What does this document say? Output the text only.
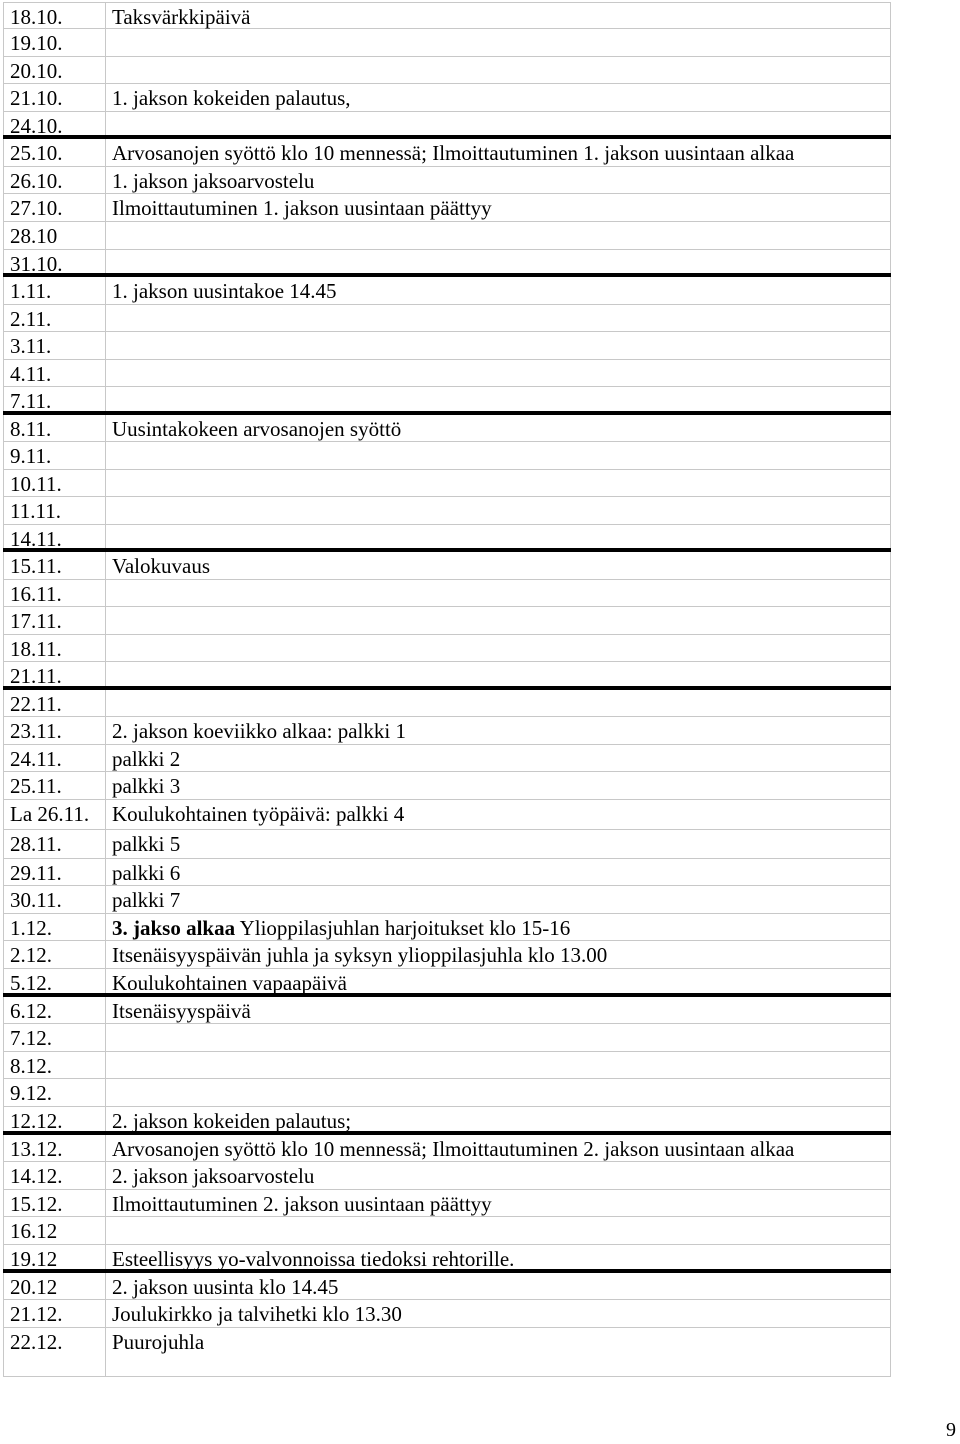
18.10.	Taksvärkkipäivä
19.10.
20.10.
21.10.	1. jakson kokeiden palautus,
24.10.
25.10.	Arvosanojen syöttö klo 10 mennessä; Ilmoittautuminen 1. jakson uusintaan alkaa
26.10.	1. jakson jaksoarvostelu
27.10.	Ilmoittautuminen 1. jakson uusintaan päättyy
28.10
31.10.
1.11.	1. jakson uusintakoe 14.45
2.11.
3.11.
4.11.
7.11.
8.11.	Uusintakokeen arvosanojen syöttö
9.11.
10.11.
11.11.
14.11.
15.11.	Valokuvaus
16.11.
17.11.
18.11.
21.11.
22.11.
23.11.	2. jakson koeviikko alkaa: palkki 1
24.11.	palkki 2
25.11.	palkki 3
La 26.11.	Koulukohtainen työpäivä: palkki 4
28.11.	palkki 5
29.11.	palkki 6
30.11.	palkki 7
1.12.	3. jakso alkaa Ylioppilasjuhlan harjoitukset klo 15-16
2.12.	Itsenäisyyspäivän juhla ja syksyn ylioppilasjuhla klo 13.00
5.12.	Koulukohtainen vapaapäivä
6.12.	Itsenäisyyspäivä
7.12.
8.12.
9.12.
12.12.	2. jakson kokeiden palautus;
13.12.	Arvosanojen syöttö klo 10 mennessä; Ilmoittautuminen 2. jakson uusintaan alkaa
14.12.	2. jakson jaksoarvostelu
15.12.	Ilmoittautuminen 2. jakson uusintaan päättyy
16.12
19.12	Esteellisyys yo-valvonnoissa tiedoksi rehtorille.
20.12	2. jakson uusinta klo 14.45
21.12.	Joulukirkko ja talvihetki klo 13.30
22.12.	Puurojuhla
9
